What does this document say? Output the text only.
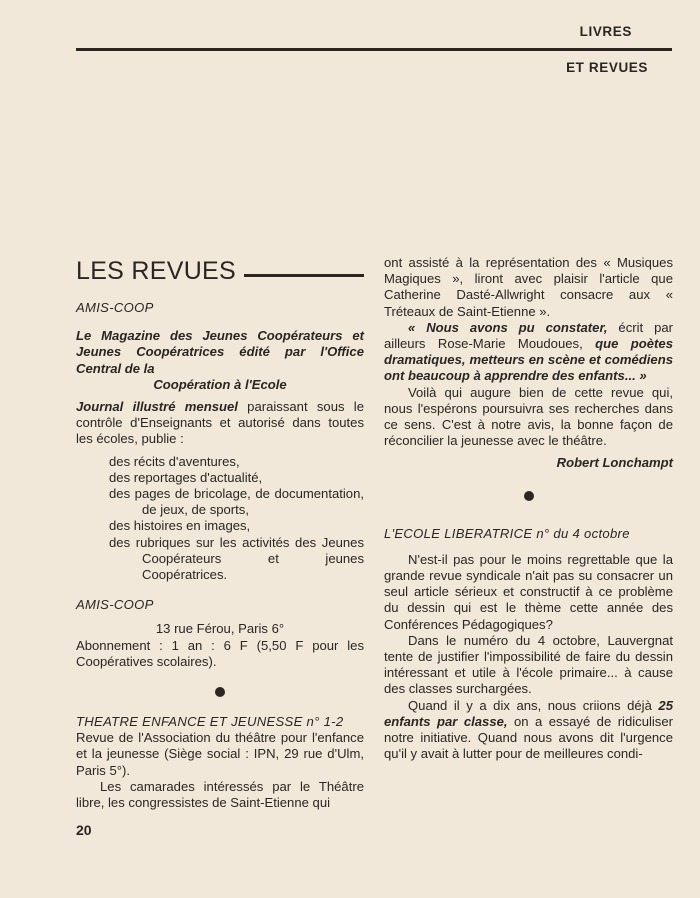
LIVRES
ET REVUES
LES REVUES
AMIS-COOP

Le Magazine des Jeunes Coopérateurs et Jeunes Coopératrices édité par l'Office Central de la

Coopération à l'Ecole

Journal illustré mensuel paraissant sous le contrôle d'Enseignants et autorisé dans toutes les écoles, publie :

des récits d'aventures,

des reportages d'actualité,

des pages de bricolage, de documentation, de jeux, de sports,

des histoires en images,

des rubriques sur les activités des Jeunes Coopérateurs et jeunes Coopératrices.

AMIS-COOP

13 rue Férou, Paris 6°

Abonnement : 1 an : 6 F (5,50 F pour les Coopératives scolaires).

THEATRE ENFANCE ET JEUNESSE n° 1-2

Revue de l'Association du théâtre pour l'enfance et la jeunesse (Siège social : IPN, 29 rue d'Ulm, Paris 5°).

Les camarades intéressés par le Théâtre libre, les congressistes de Saint-Etienne qui

ont assisté à la représentation des « Musiques Magiques », liront avec plaisir l'article que Catherine Dasté-Allwright consacre aux « Tréteaux de Saint-Etienne ».

« Nous avons pu constater, écrit par ailleurs Rose-Marie Moudoues, que poètes dramatiques, metteurs en scène et comédiens ont beaucoup à apprendre des enfants... »

Voilà qui augure bien de cette revue qui, nous l'espérons poursuivra ses recherches dans ce sens. C'est à notre avis, la bonne façon de réconcilier la jeunesse avec le théâtre.

Robert Lonchampt

L'ECOLE LIBERATRICE n° du 4 octobre

N'est-il pas pour le moins regrettable que la grande revue syndicale n'ait pas su consacrer un seul article sérieux et constructif à ce problème du dessin qui est le thème cette année des Conférences Pédagogiques?

Dans le numéro du 4 octobre, Lauvergnat tente de justifier l'impossibilité de faire du dessin intéressant et utile à l'école primaire... à cause des classes surchargées.

Quand il y a dix ans, nous criions déjà 25 enfants par classe, on a essayé de ridiculiser notre initiative. Quand nous avons dit l'urgence qu'il y avait à lutter pour de meilleures condi-

20
